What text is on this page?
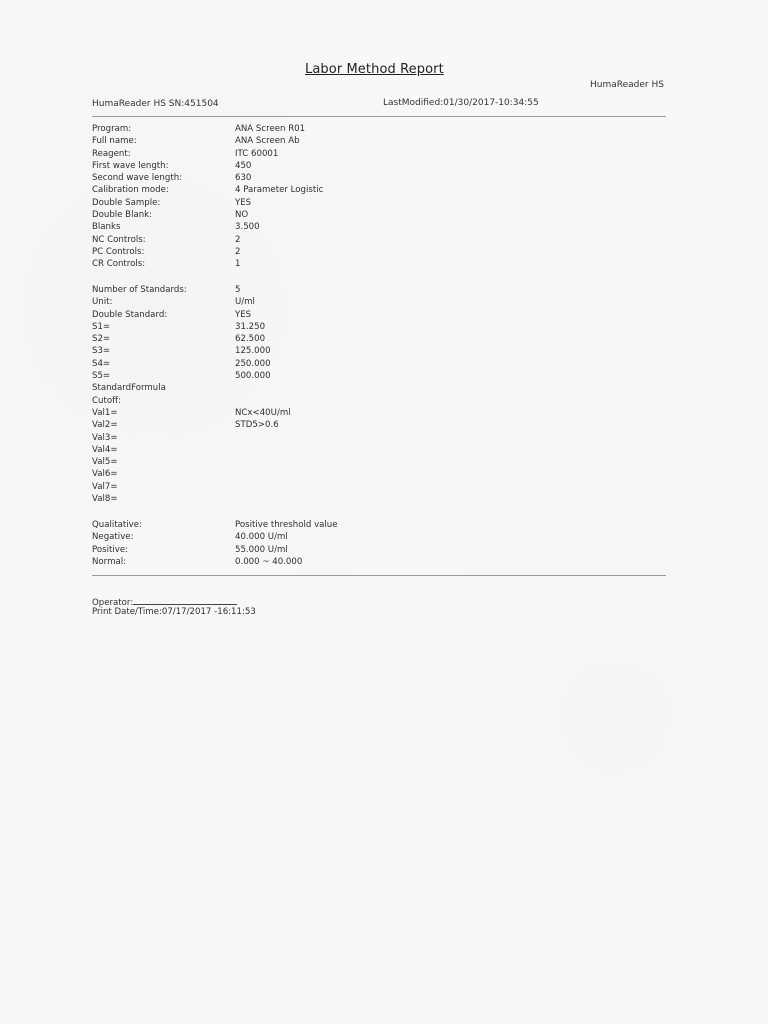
Labor Method Report
HumaReader HS
HumaReader HS SN:451504	LastModified:01/30/2017-10:34:55
Program:	ANA Screen R01
Full name:	ANA Screen Ab
Reagent:	ITC 60001
First wave length:	450
Second wave length:	630
Calibration mode:	4 Parameter Logistic
Double Sample:	YES
Double Blank:	NO
Blanks	3.500
NC Controls:	2
PC Controls:	2
CR Controls:	1
Number of Standards:	5
Unit:	U/ml
Double Standard:	YES
S1=	31.250
S2=	62.500
S3=	125.000
S4=	250.000
S5=	500.000
StandardFormula
Cutoff:
Val1=	NCx<40U/ml
Val2=	STD5>0.6
Val3=
Val4=
Val5=
Val6=
Val7=
Val8=
Qualitative:	Positive threshold value
Negative:	40.000 U/ml
Positive:	55.000 U/ml
Normal:	0.000 ~ 40.000
Operator:
Print Date/Time:07/17/2017 -16:11:53
